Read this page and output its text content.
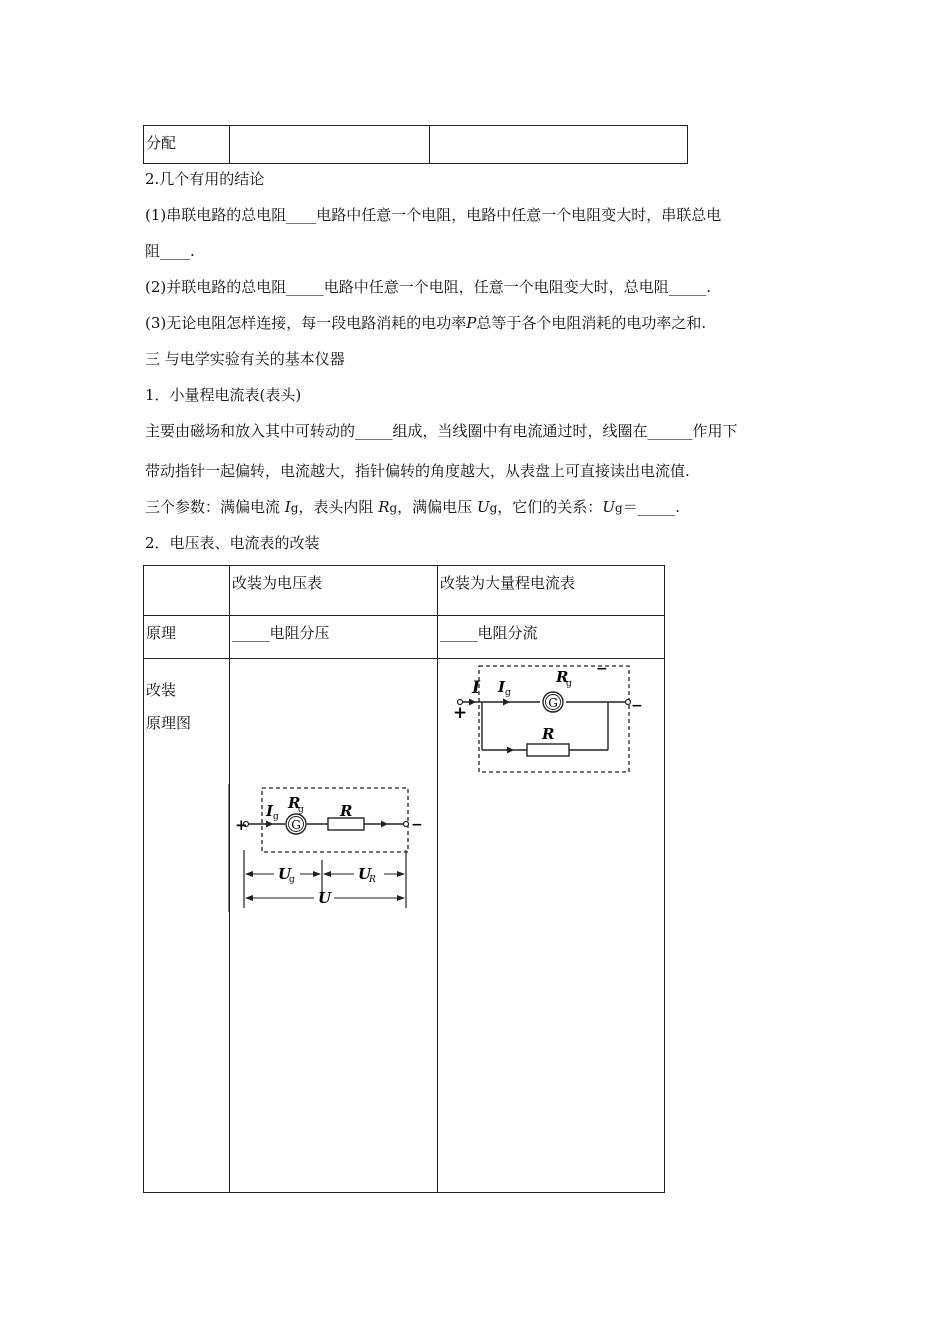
分配

2.几个有用的结论
(1)串联电路的总电阻____电路中任意一个电阻，电路中任意一个电阻变大时，串联总电
阻____.
(2)并联电路的总电阻_____电路中任意一个电阻，任意一个电阻变大时，总电阻_____.
(3)无论电阻怎样连接，每一段电路消耗的电功率P总等于各个电阻消耗的电功率之和.
三 与电学实验有关的基本仪器
1．小量程电流表(表头)
主要由磁场和放入其中可转动的_____组成，当线圈中有电流通过时，线圈在______作用下
带动指针一起偏转，电流越大，指针偏转的角度越大，从表盘上可直接读出电流值.
三个参数：满偏电流 Ig，表头内阻 Rg，满偏电压 Ug，它们的关系：Ug＝_____.
2．电压表、电流表的改装

	改装为电压表	改装为大量程电流表

原理	_____电阻分压	_____电阻分流

改装
原理图		

G
I I g
R
g
R
+
−
−
G
+	−
I g
R
g R
U
g	U
R
U
